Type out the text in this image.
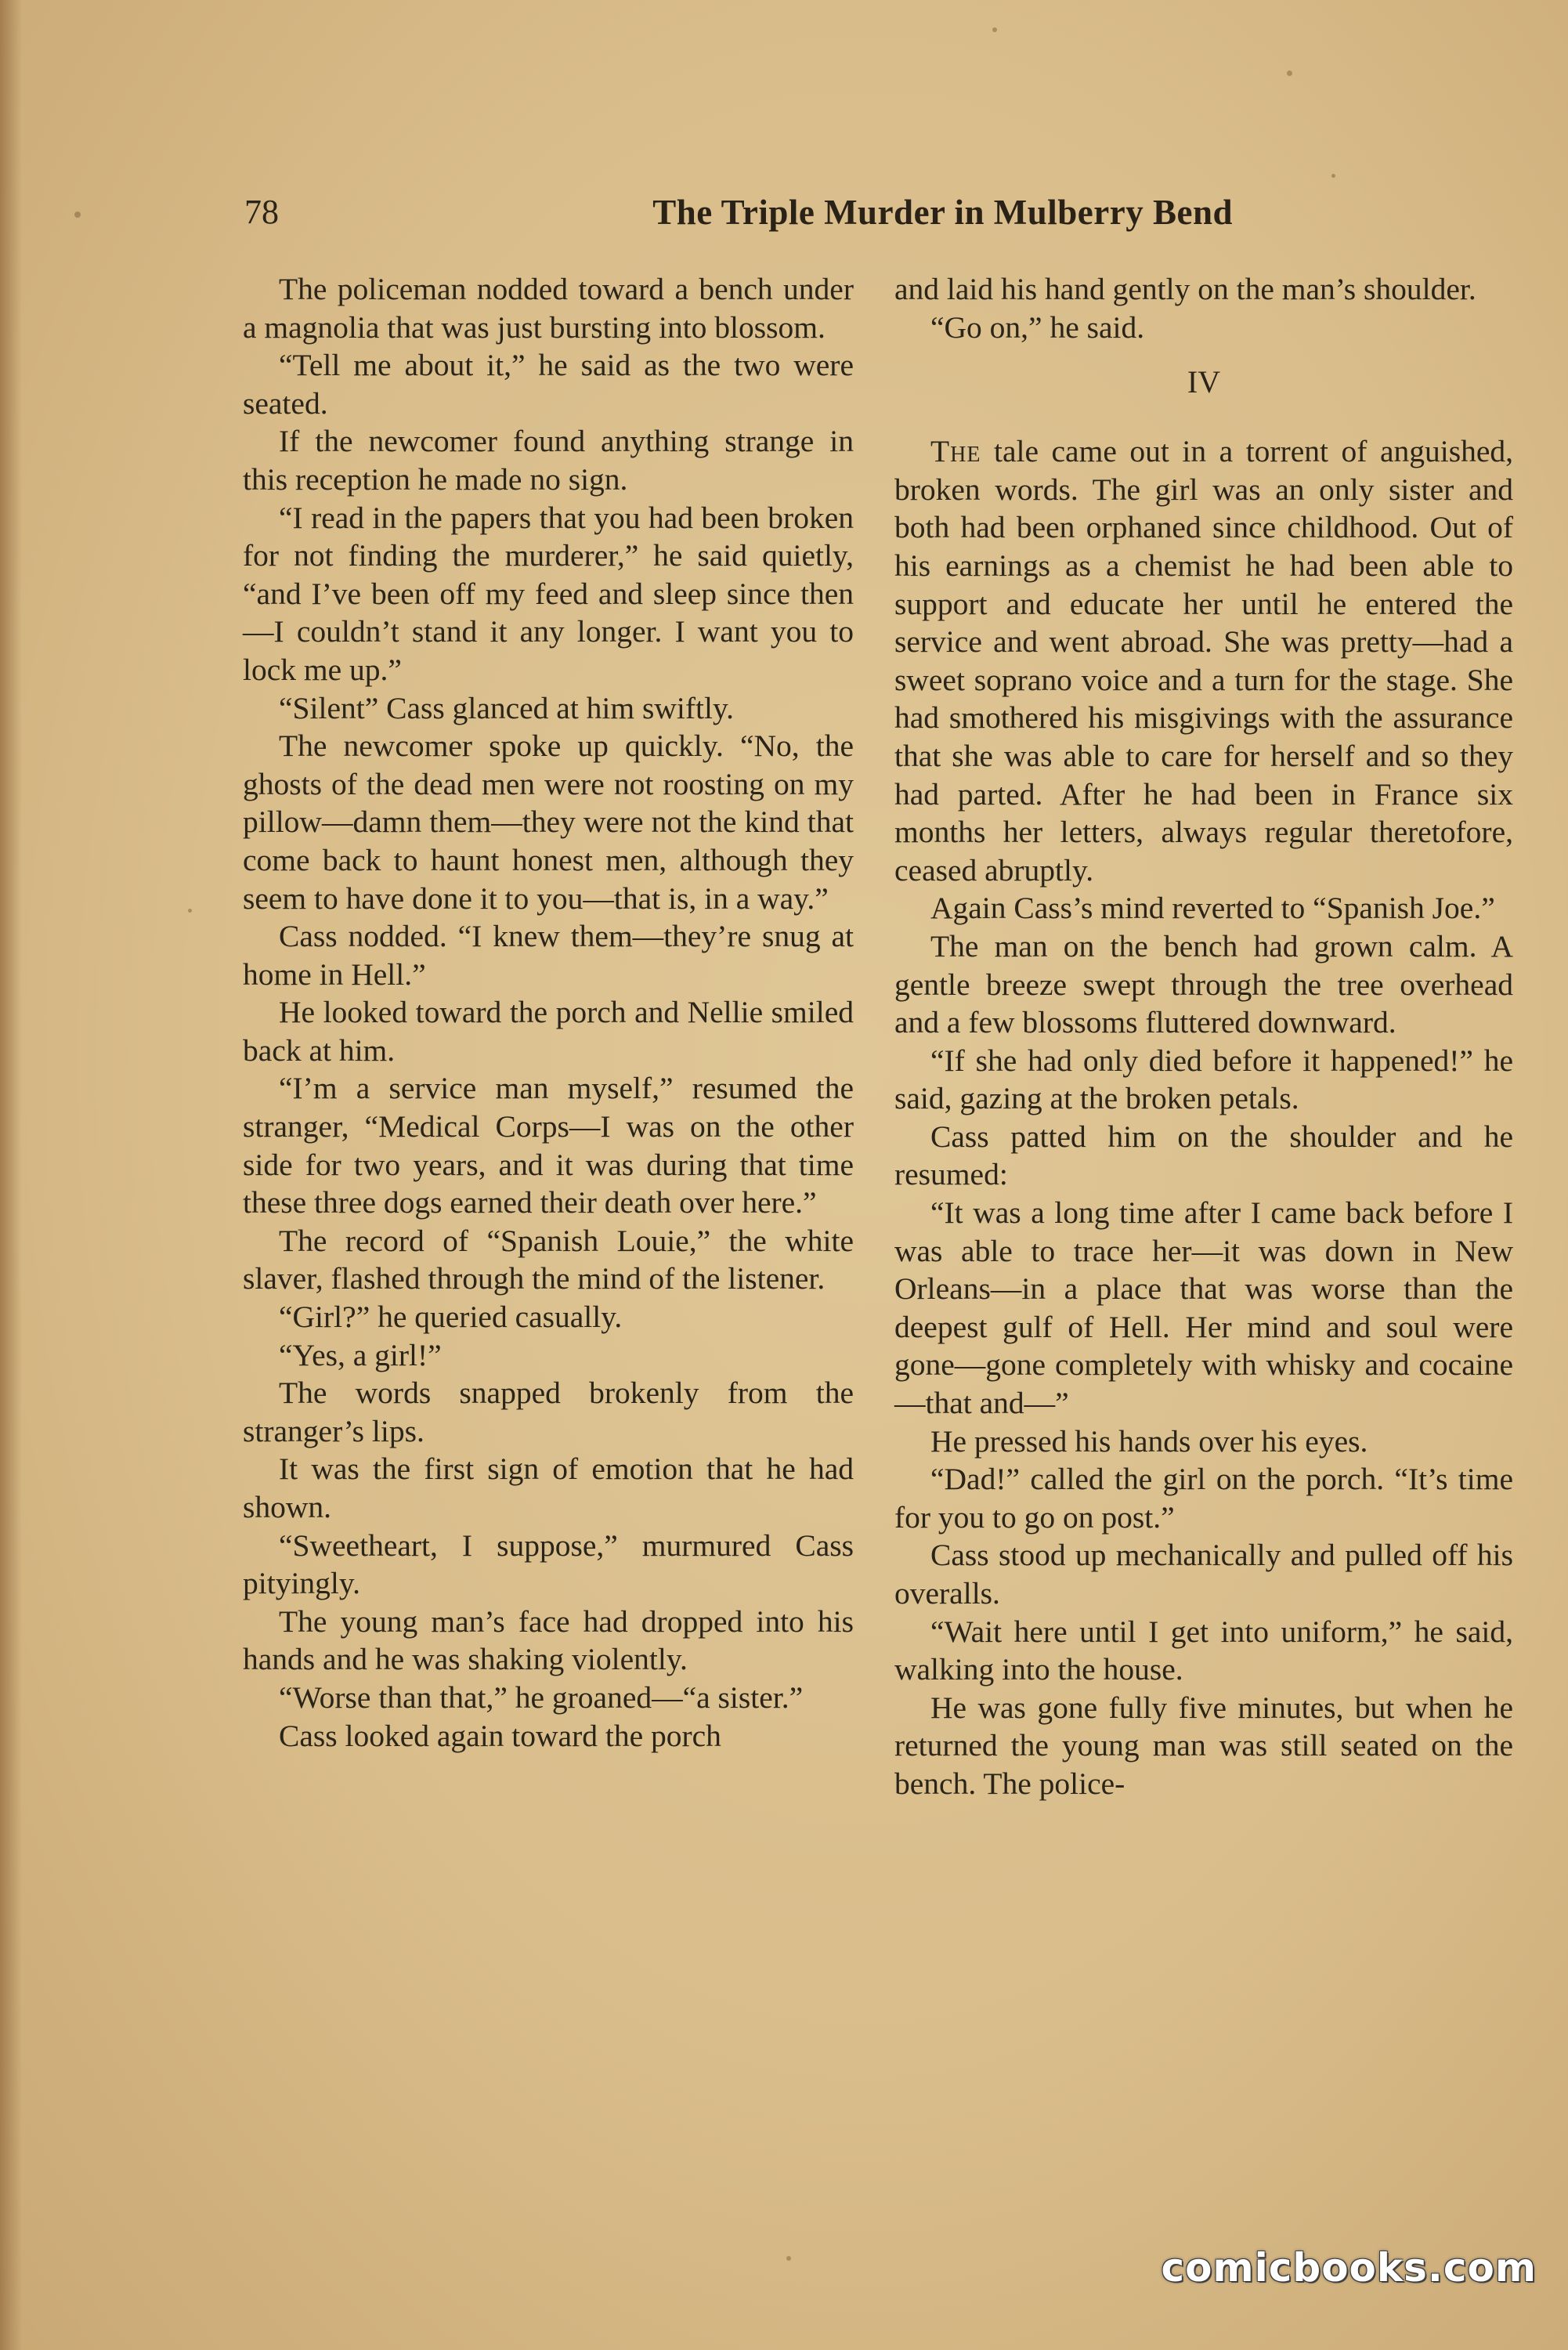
78	The Triple Murder in Mulberry Bend

The policeman nodded toward a bench under a magnolia that was just bursting into blossom.

“Tell me about it,” he said as the two were seated.

If the newcomer found anything strange in this reception he made no sign.

“I read in the papers that you had been broken for not finding the murderer,” he said quietly, “and I’ve been off my feed and sleep since then—I couldn’t stand it any longer. I want you to lock me up.”

“Silent” Cass glanced at him swiftly.

The newcomer spoke up quickly. “No, the ghosts of the dead men were not roosting on my pillow—damn them—they were not the kind that come back to haunt honest men, although they seem to have done it to you—that is, in a way.”

Cass nodded. “I knew them—they’re snug at home in Hell.”

He looked toward the porch and Nellie smiled back at him.

“I’m a service man myself,” resumed the stranger, “Medical Corps—I was on the other side for two years, and it was during that time these three dogs earned their death over here.”

The record of “Spanish Louie,” the white slaver, flashed through the mind of the listener.

“Girl?” he queried casually.

“Yes, a girl!”

The words snapped brokenly from the stranger’s lips.

It was the first sign of emotion that he had shown.

“Sweetheart, I suppose,” murmured Cass pityingly.

The young man’s face had dropped into his hands and he was shaking violently.

“Worse than that,” he groaned—“a sister.”

Cass looked again toward the porch

and laid his hand gently on the man’s shoulder.

“Go on,” he said.

IV

The tale came out in a torrent of anguished, broken words. The girl was an only sister and both had been orphaned since childhood. Out of his earnings as a chemist he had been able to support and educate her until he entered the service and went abroad. She was pretty—had a sweet soprano voice and a turn for the stage. She had smothered his misgivings with the assurance that she was able to care for herself and so they had parted. After he had been in France six months her letters, always regular theretofore, ceased abruptly.

Again Cass’s mind reverted to “Spanish Joe.”

The man on the bench had grown calm. A gentle breeze swept through the tree overhead and a few blossoms fluttered downward.

“If she had only died before it happened!” he said, gazing at the broken petals.

Cass patted him on the shoulder and he resumed:

“It was a long time after I came back before I was able to trace her—it was down in New Orleans—in a place that was worse than the deepest gulf of Hell. Her mind and soul were gone—gone completely with whisky and cocaine—that and—”

He pressed his hands over his eyes.

“Dad!” called the girl on the porch. “It’s time for you to go on post.”

Cass stood up mechanically and pulled off his overalls.

“Wait here until I get into uniform,” he said, walking into the house.

He was gone fully five minutes, but when he returned the young man was still seated on the bench. The police-

comicbooks.com
